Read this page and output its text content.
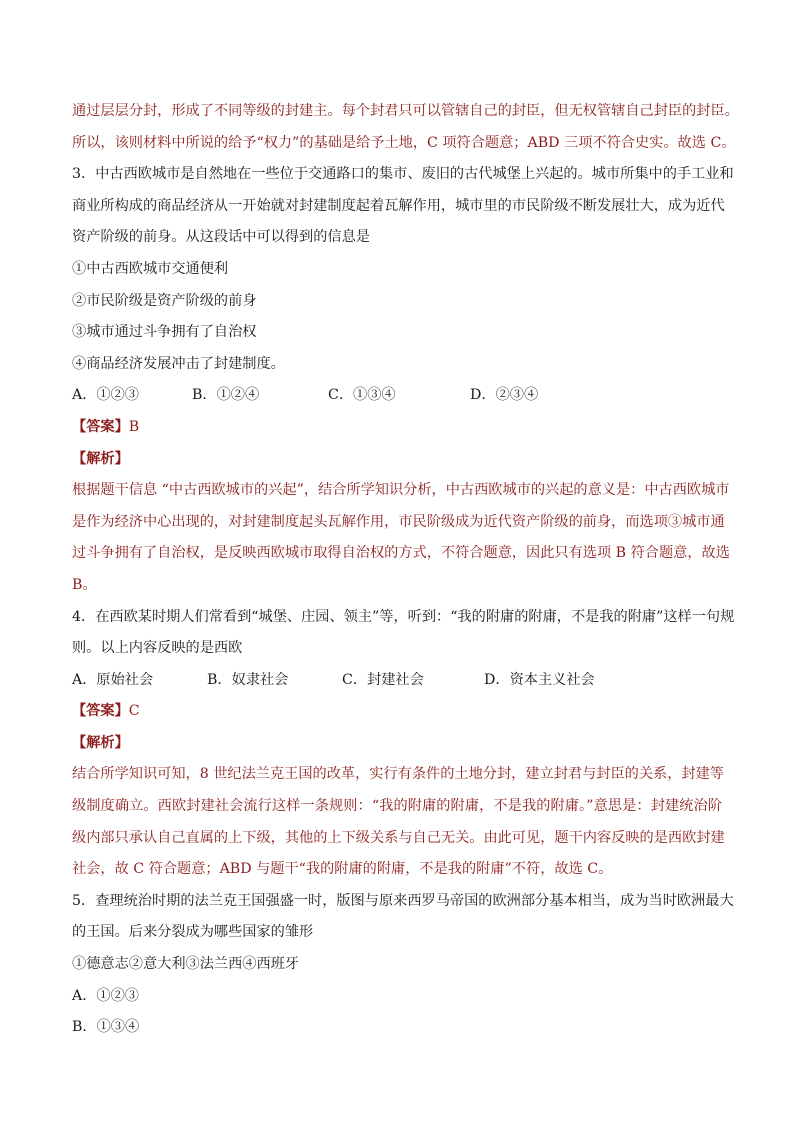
通过层层分封，形成了不同等级的封建主。每个封君只可以管辖自己的封臣，但无权管辖自己封臣的封臣。
所以，该则材料中所说的给予“权力”的基础是给予土地，C 项符合题意；ABD 三项不符合史实。故选 C。
3．中古西欧城市是自然地在一些位于交通路口的集市、废旧的古代城堡上兴起的。城市所集中的手工业和
商业所构成的商品经济从一开始就对封建制度起着瓦解作用，城市里的市民阶级不断发展壮大，成为近代
资产阶级的前身。从这段话中可以得到的信息是
①中古西欧城市交通便利
②市民阶级是资产阶级的前身
③城市通过斗争拥有了自治权
④商品经济发展冲击了封建制度。
A．①②③	B．①②④	C．①③④	D．②③④
【答案】B
【解析】
根据题干信息 “中古西欧城市的兴起”，结合所学知识分析，中古西欧城市的兴起的意义是：中古西欧城市
是作为经济中心出现的，对封建制度起头瓦解作用，市民阶级成为近代资产阶级的前身，而选项③城市通
过斗争拥有了自治权，是反映西欧城市取得自治权的方式，不符合题意，因此只有选项 B 符合题意，故选
B。
4．在西欧某时期人们常看到“城堡、庄园、领主”等，听到：“我的附庸的附庸，不是我的附庸”这样一句规
则。以上内容反映的是西欧
A．原始社会	B．奴隶社会	C．封建社会	D．资本主义社会
【答案】C
【解析】
结合所学知识可知，8 世纪法兰克王国的改革，实行有条件的土地分封，建立封君与封臣的关系，封建等
级制度确立。西欧封建社会流行这样一条规则：“我的附庸的附庸，不是我的附庸。”意思是：封建统治阶
级内部只承认自己直属的上下级，其他的上下级关系与自己无关。由此可见，题干内容反映的是西欧封建
社会，故 C 符合题意；ABD 与题干“我的附庸的附庸，不是我的附庸”不符，故选 C。
5．查理统治时期的法兰克王国强盛一时，版图与原来西罗马帝国的欧洲部分基本相当，成为当时欧洲最大
的王国。后来分裂成为哪些国家的雏形
①德意志②意大利③法兰西④西班牙
A．①②③
B．①③④
